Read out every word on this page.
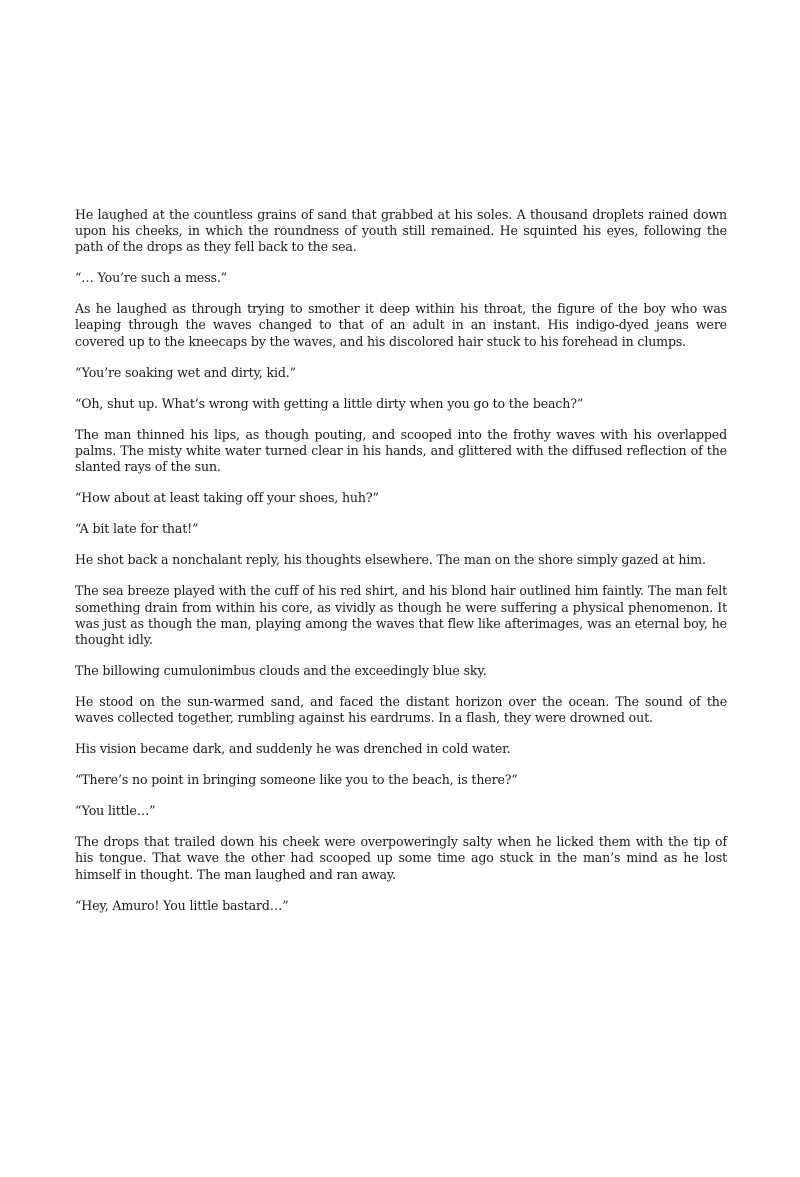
He laughed at the countless grains of sand that grabbed at his soles. A thousand droplets rained down upon his cheeks, in which the roundness of youth still remained. He squinted his eyes, following the path of the drops as they fell back to the sea.

“… You’re such a mess.”

As he laughed as through trying to smother it deep within his throat, the figure of the boy who was leaping through the waves changed to that of an adult in an instant. His indigo-dyed jeans were covered up to the kneecaps by the waves, and his discolored hair stuck to his forehead in clumps.

“You’re soaking wet and dirty, kid.”

“Oh, shut up. What’s wrong with getting a little dirty when you go to the beach?”

The man thinned his lips, as though pouting, and scooped into the frothy waves with his overlapped palms. The misty white water turned clear in his hands, and glittered with the diffused reflection of the slanted rays of the sun.

“How about at least taking off your shoes, huh?”

“A bit late for that!”

He shot back a nonchalant reply, his thoughts elsewhere. The man on the shore simply gazed at him.

The sea breeze played with the cuff of his red shirt, and his blond hair outlined him faintly. The man felt something drain from within his core, as vividly as though he were suffering a physical phenomenon. It was just as though the man, playing among the waves that flew like afterimages, was an eternal boy, he thought idly.

The billowing cumulonimbus clouds and the exceedingly blue sky.

He stood on the sun-warmed sand, and faced the distant horizon over the ocean. The sound of the waves collected together, rumbling against his eardrums. In a flash, they were drowned out.

His vision became dark, and suddenly he was drenched in cold water.

“There’s no point in bringing someone like you to the beach, is there?”

“You little…”

The drops that trailed down his cheek were overpoweringly salty when he licked them with the tip of his tongue. That wave the other had scooped up some time ago stuck in the man’s mind as he lost himself in thought. The man laughed and ran away.

“Hey, Amuro! You little bastard…”
